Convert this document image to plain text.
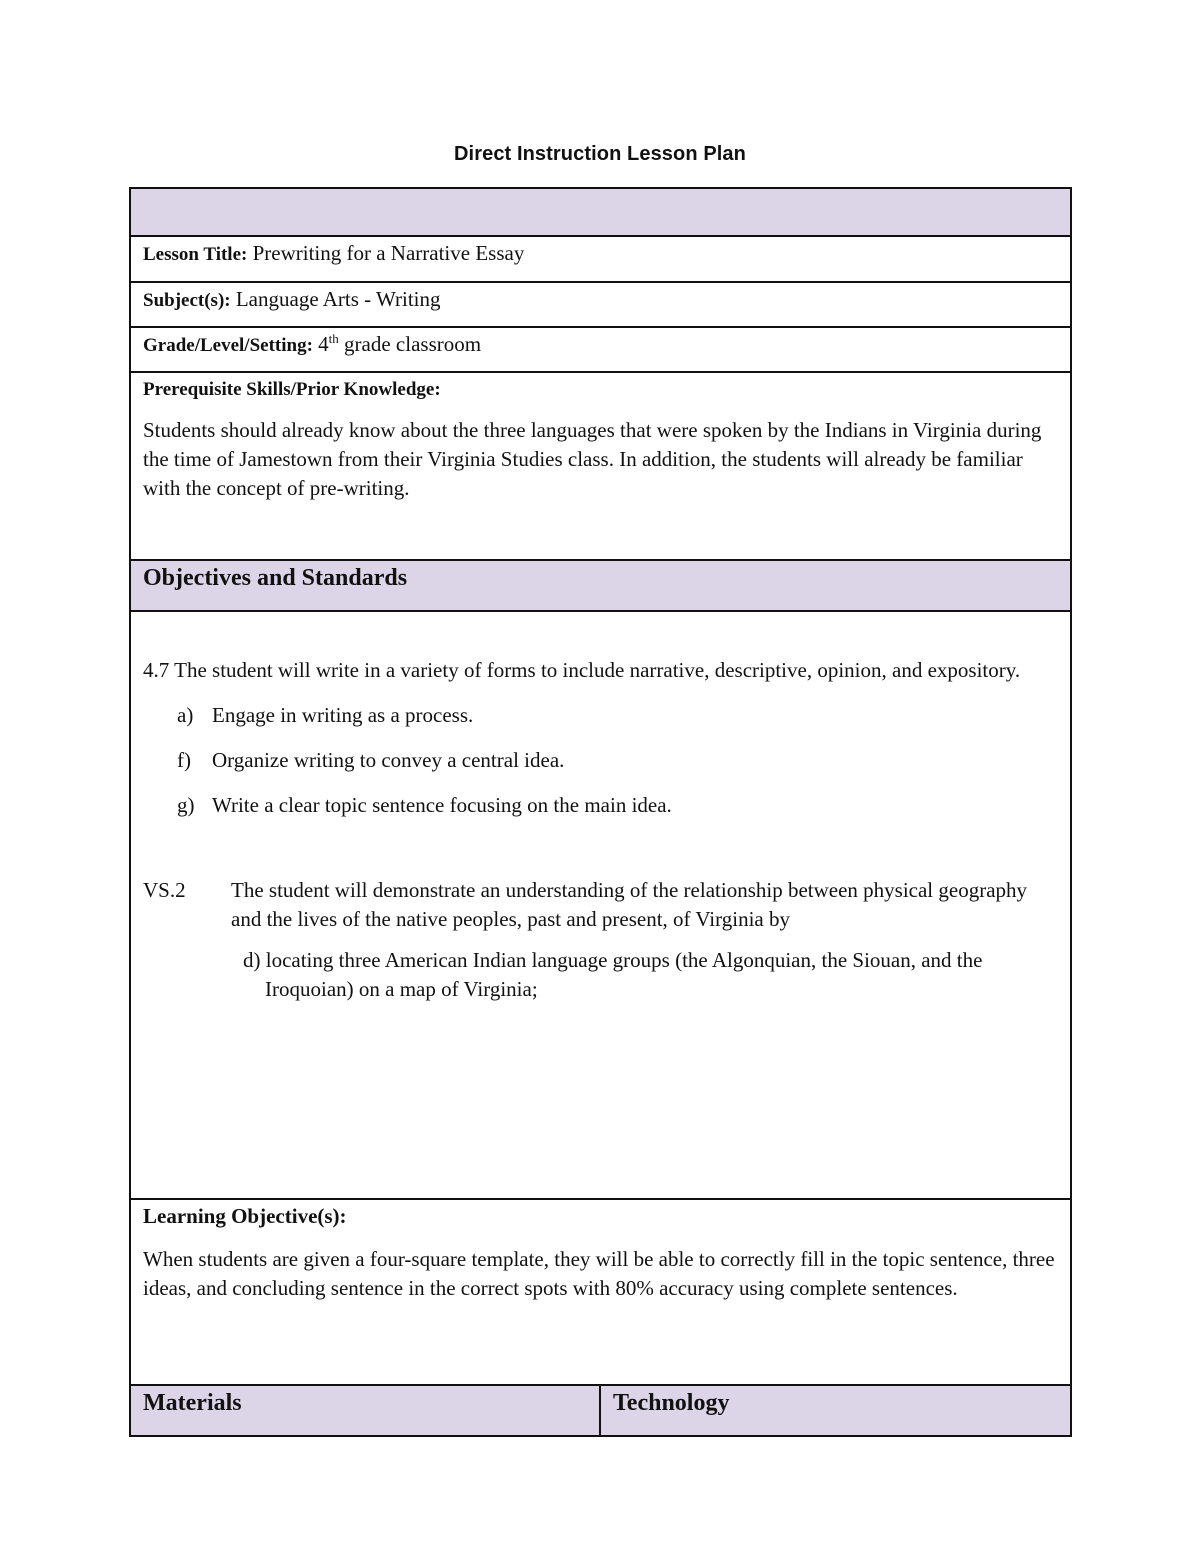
Direct Instruction Lesson Plan

Lesson Title: Prewriting for a Narrative Essay
Subject(s): Language Arts - Writing
Grade/Level/Setting: 4th grade classroom

Prerequisite Skills/Prior Knowledge:

Students should already know about the three languages that were spoken by the Indians in Virginia during the time of Jamestown from their Virginia Studies class. In addition, the students will already be familiar with the concept of pre-writing.

Objectives and Standards

4.7 The student will write in a variety of forms to include narrative, descriptive, opinion, and expository.

a) Engage in writing as a process.
f)	Organize writing to convey a central idea.
g) Write a clear topic sentence focusing on the main idea.
VS.2	The student will demonstrate an understanding of the relationship between physical geography and the lives of the native peoples, past and present, of Virginia by

d) locating three American Indian language groups (the Algonquian, the Siouan, and the Iroquoian) on a map of Virginia;

Learning Objective(s):

When students are given a four-square template, they will be able to correctly fill in the topic sentence, three ideas, and concluding sentence in the correct spots with 80% accuracy using complete sentences.

Materials	Technology
